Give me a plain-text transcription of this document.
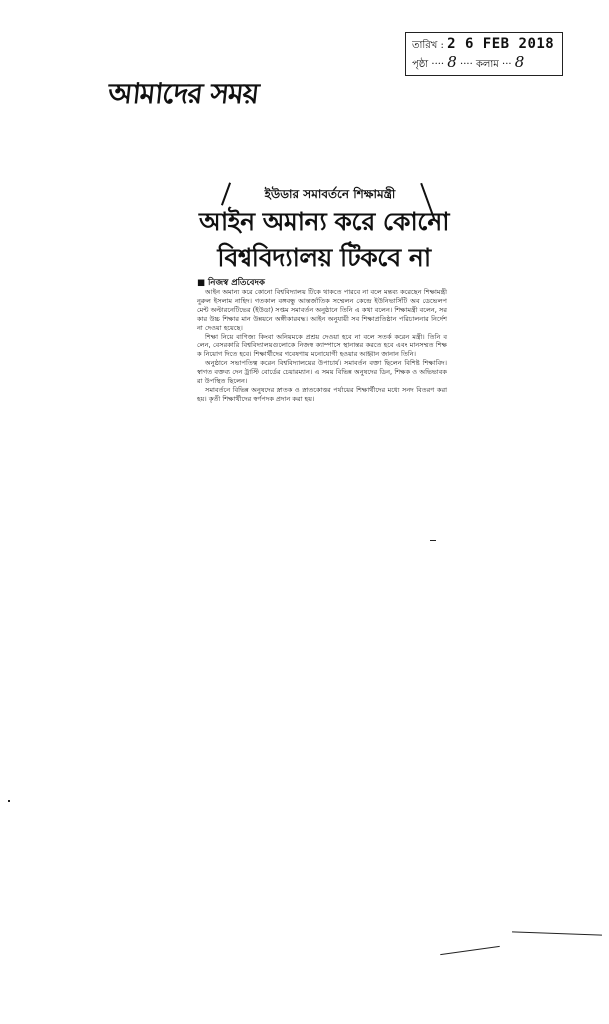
তারিখ : 2 6 FEB 2018
পৃষ্ঠা ···· 8 ···· কলাম ··· 8
আমাদের সময়
ইউডার সমাবর্তনে শিক্ষামন্ত্রী
আইন অমান্য করে কোনো
বিশ্ববিদ্যালয় টিকবে না
■ নিজস্ব প্রতিবেদক

আইন অমান্য করে কোনো বিশ্ববিদ্যালয় টিকে থাকতে পারবে না বলে মন্তব্য করেছেন শিক্ষামন্ত্রী নুরুল ইসলাম নাহিদ। গতকাল বঙ্গবন্ধু আন্তর্জাতিক সম্মেলন কেন্দ্রে ইউনিভার্সিটি অব ডেভেলপমেন্ট অল্টারনেটিভের (ইউডা) সপ্তম সমাবর্তন অনুষ্ঠানে তিনি এ কথা বলেন। শিক্ষামন্ত্রী বলেন, সরকার উচ্চ শিক্ষার মান উন্নয়নে অঙ্গীকারবদ্ধ। আইন অনুযায়ী সব শিক্ষাপ্রতিষ্ঠান পরিচালনার নির্দেশনা দেওয়া হয়েছে।

শিক্ষা নিয়ে বাণিজ্য কিংবা অনিয়মকে প্রশ্রয় দেওয়া হবে না বলে সতর্ক করেন মন্ত্রী। তিনি বলেন, বেসরকারি বিশ্ববিদ্যালয়গুলোকে নিজস্ব ক্যাম্পাসে স্থানান্তর করতে হবে এবং মানসম্মত শিক্ষক নিয়োগ দিতে হবে। শিক্ষার্থীদের গবেষণায় মনোযোগী হওয়ার আহ্বান জানান তিনি।

অনুষ্ঠানে সভাপতিত্ব করেন বিশ্ববিদ্যালয়ের উপাচার্য। সমাবর্তন বক্তা ছিলেন বিশিষ্ট শিক্ষাবিদ। স্বাগত বক্তব্য দেন ট্রাস্টি বোর্ডের চেয়ারম্যান। এ সময় বিভিন্ন অনুষদের ডিন, শিক্ষক ও অভিভাবকরা উপস্থিত ছিলেন।

সমাবর্তনে বিভিন্ন অনুষদের স্নাতক ও স্নাতকোত্তর পর্যায়ের শিক্ষার্থীদের মধ্যে সনদ বিতরণ করা হয়। কৃতী শিক্ষার্থীদের স্বর্ণপদক প্রদান করা হয়।
